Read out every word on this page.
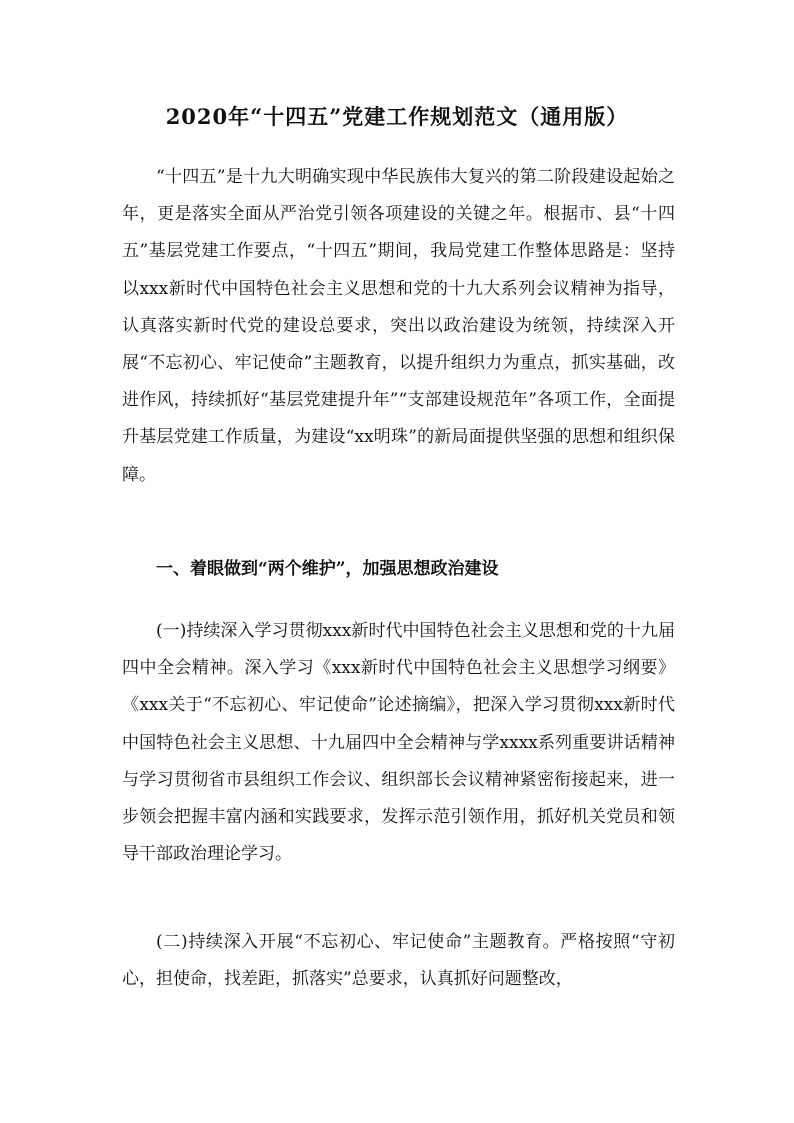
2020年“十四五”党建工作规划范文（通用版）

“十四五”是十九大明确实现中华民族伟大复兴的第二阶段建设起始之年，更是落实全面从严治党引领各项建设的关键之年。根据市、县“十四五”基层党建工作要点，“十四五”期间，我局党建工作整体思路是：坚持以xxx新时代中国特色社会主义思想和党的十九大系列会议精神为指导，认真落实新时代党的建设总要求，突出以政治建设为统领，持续深入开展“不忘初心、牢记使命”主题教育，以提升组织力为重点，抓实基础，改进作风，持续抓好“基层党建提升年”“支部建设规范年”各项工作，全面提升基层党建工作质量，为建设“xx明珠”的新局面提供坚强的思想和组织保障。

一、着眼做到“两个维护”，加强思想政治建设

(一)持续深入学习贯彻xxx新时代中国特色社会主义思想和党的十九届四中全会精神。深入学习《xxx新时代中国特色社会主义思想学习纲要》《xxx关于“不忘初心、牢记使命”论述摘编》，把深入学习贯彻xxx新时代中国特色社会主义思想、十九届四中全会精神与学xxxx系列重要讲话精神与学习贯彻省市县组织工作会议、组织部长会议精神紧密衔接起来，进一步领会把握丰富内涵和实践要求，发挥示范引领作用，抓好机关党员和领导干部政治理论学习。

(二)持续深入开展“不忘初心、牢记使命”主题教育。严格按照“守初心，担使命，找差距，抓落实”总要求，认真抓好问题整改，
